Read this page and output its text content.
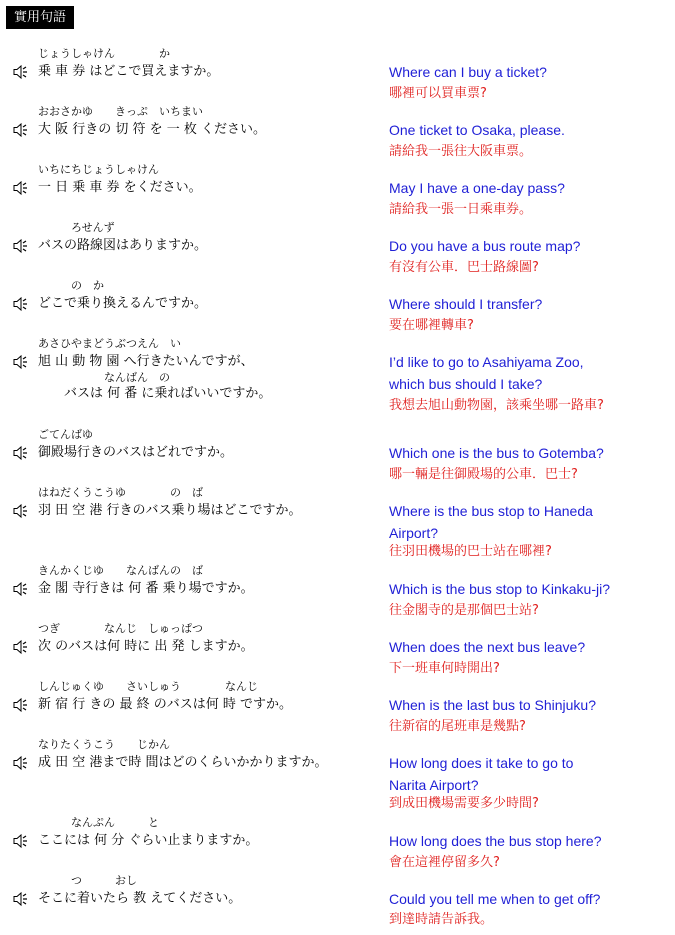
實用句語
じょうしゃけん　　　　か
乗 車 券 はどこで買えますか。	Where can I buy a ticket?
哪裡可以買車票?
おおさかゆ　　きっぷ　いちまい
大 阪 行きの 切 符 を 一 枚 ください。	One ticket to Osaka, please.
請給我一張往大阪車票。
いちにちじょうしゃけん
一 日 乗 車 券 をください。	May I have a one-day pass?
請給我一張一日乘車券。
　　　ろせんず
バスの路線図はありますか。	Do you have a bus route map?
有沒有公車．巴士路線圖?
　　　の　か
どこで乗り換えるんですか。	Where should I transfer?
要在哪裡轉車?
あさひやまどうぶつえん　い
旭 山 動 物 園 へ行きたいんですが、
　　　　　　なんばん　の
　　バスは 何 番 に乗ればいいですか。
I’d like to go to Asahiyama Zoo,
which bus should I take?
我想去旭山動物園，該乘坐哪一路車?
ごてんばゆ
御殿場行きのバスはどれですか。	Which one is the bus to Gotemba?
哪一輛是往御殿場的公車．巴士?
はねだくうこうゆ　　　　の　ば
羽 田 空 港 行きのバス乗り場はどこですか。	Where is the bus stop to Haneda
Airport?
往羽田機場的巴士站在哪裡?
きんかくじゆ　　なんばんの　ば
金 閣 寺行きは 何 番 乗り場ですか。	Which is the bus stop to Kinkaku-ji?
往金閣寺的是那個巴士站?
つぎ　　　　なんじ　しゅっぱつ
次 のバスは何 時に 出 発 しますか。	When does the next bus leave?
下一班車何時開出?
しんじゅくゆ　　さいしゅう　　　　なんじ
新 宿 行 きの 最 終 のバスは何 時 ですか。	When is the last bus to Shinjuku?
往新宿的尾班車是幾點?
なりたくうこう　　じかん
成 田 空 港まで時 間はどのくらいかかりますか。	How long does it take to go to
Narita Airport?
到成田機場需要多少時間?
　　　なんぷん　　　と
ここには 何 分 ぐらい止まりますか。	How long does the bus stop here?
會在這裡停留多久?
　　　つ　　　おし
そこに着いたら 教 えてください。	Could you tell me when to get off?
到達時請告訴我。
